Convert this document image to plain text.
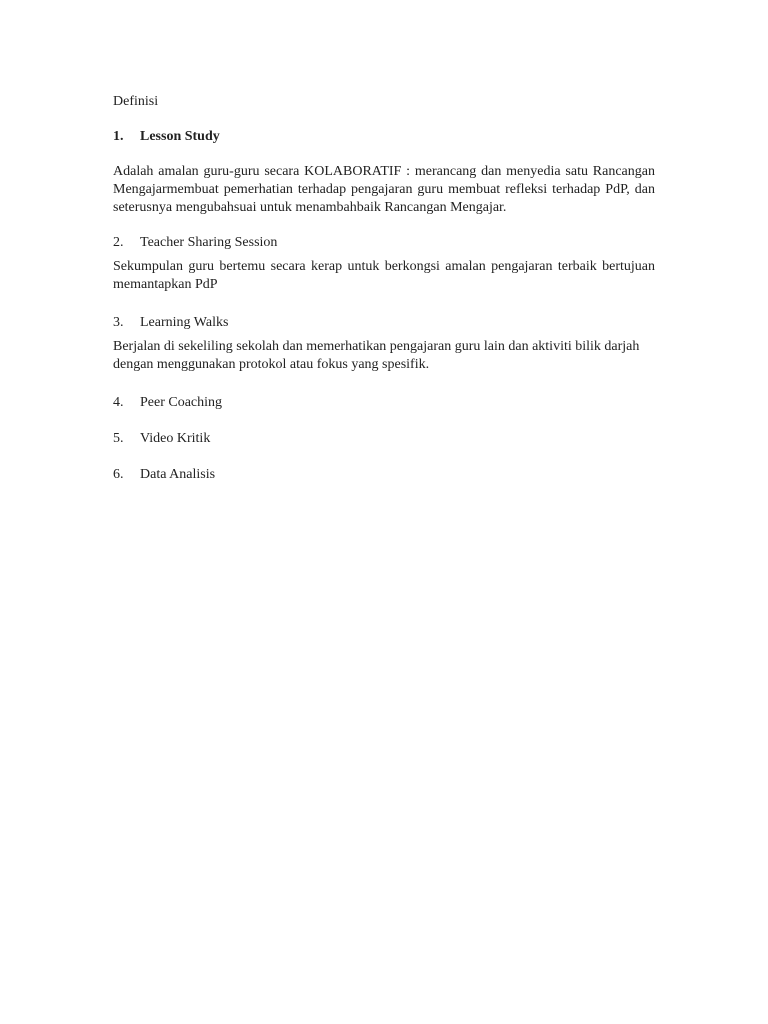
Definisi
1.	Lesson Study

Adalah amalan guru-guru secara KOLABORATIF : merancang dan menyedia satu Rancangan Mengajarmembuat pemerhatian terhadap pengajaran guru membuat refleksi terhadap PdP, dan seterusnya mengubahsuai untuk menambahbaik Rancangan Mengajar.

2.	Teacher Sharing Session

Sekumpulan guru bertemu secara kerap untuk berkongsi amalan pengajaran terbaik bertujuan memantapkan PdP

3.	Learning Walks

Berjalan di sekeliling sekolah dan memerhatikan pengajaran guru lain dan aktiviti bilik darjah dengan menggunakan protokol atau fokus yang spesifik.

4.	Peer Coaching
5.	Video Kritik
6.	Data Analisis
